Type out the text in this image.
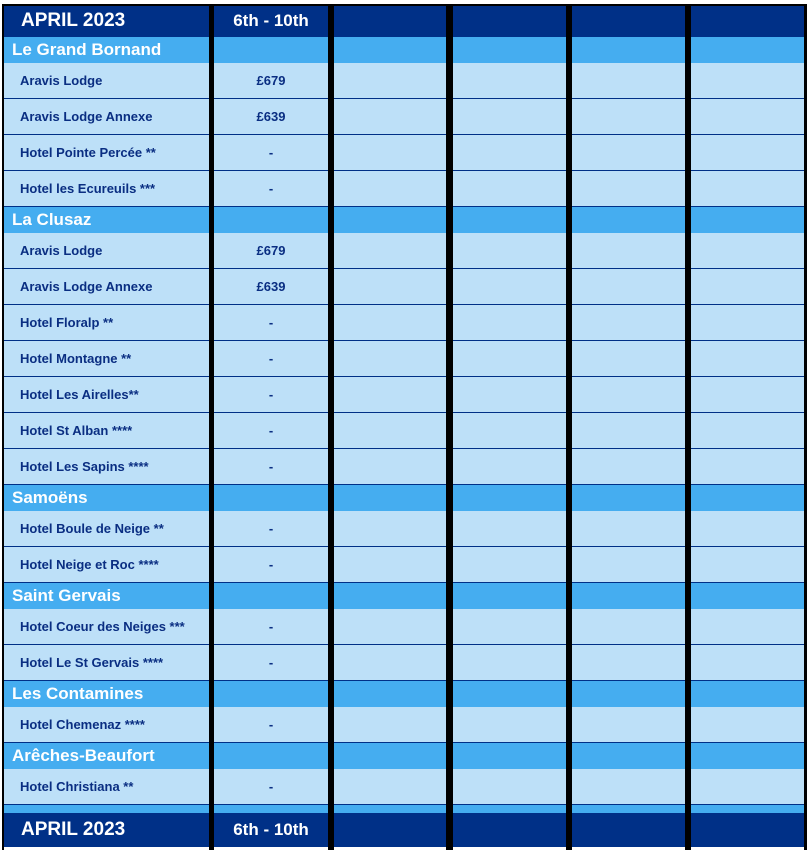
APRIL 2023	6th - 10th
Le Grand Bornand
Aravis Lodge	£679
Aravis Lodge Annexe	£639
Hotel Pointe Percée **	-
Hotel les Ecureuils ***	-
La Clusaz
Aravis Lodge	£679
Aravis Lodge Annexe	£639
Hotel Floralp **	-
Hotel Montagne **	-
Hotel Les Airelles**	-
Hotel St Alban ****	-
Hotel Les Sapins ****	-
Samoëns
Hotel Boule de Neige **	-
Hotel Neige et Roc ****	-
Saint Gervais
Hotel Coeur des Neiges ***	-
Hotel Le St Gervais ****	-
Les Contamines
Hotel Chemenaz ****	-
Arêches-Beaufort
Hotel Christiana **	-
APRIL 2023	6th - 10th
